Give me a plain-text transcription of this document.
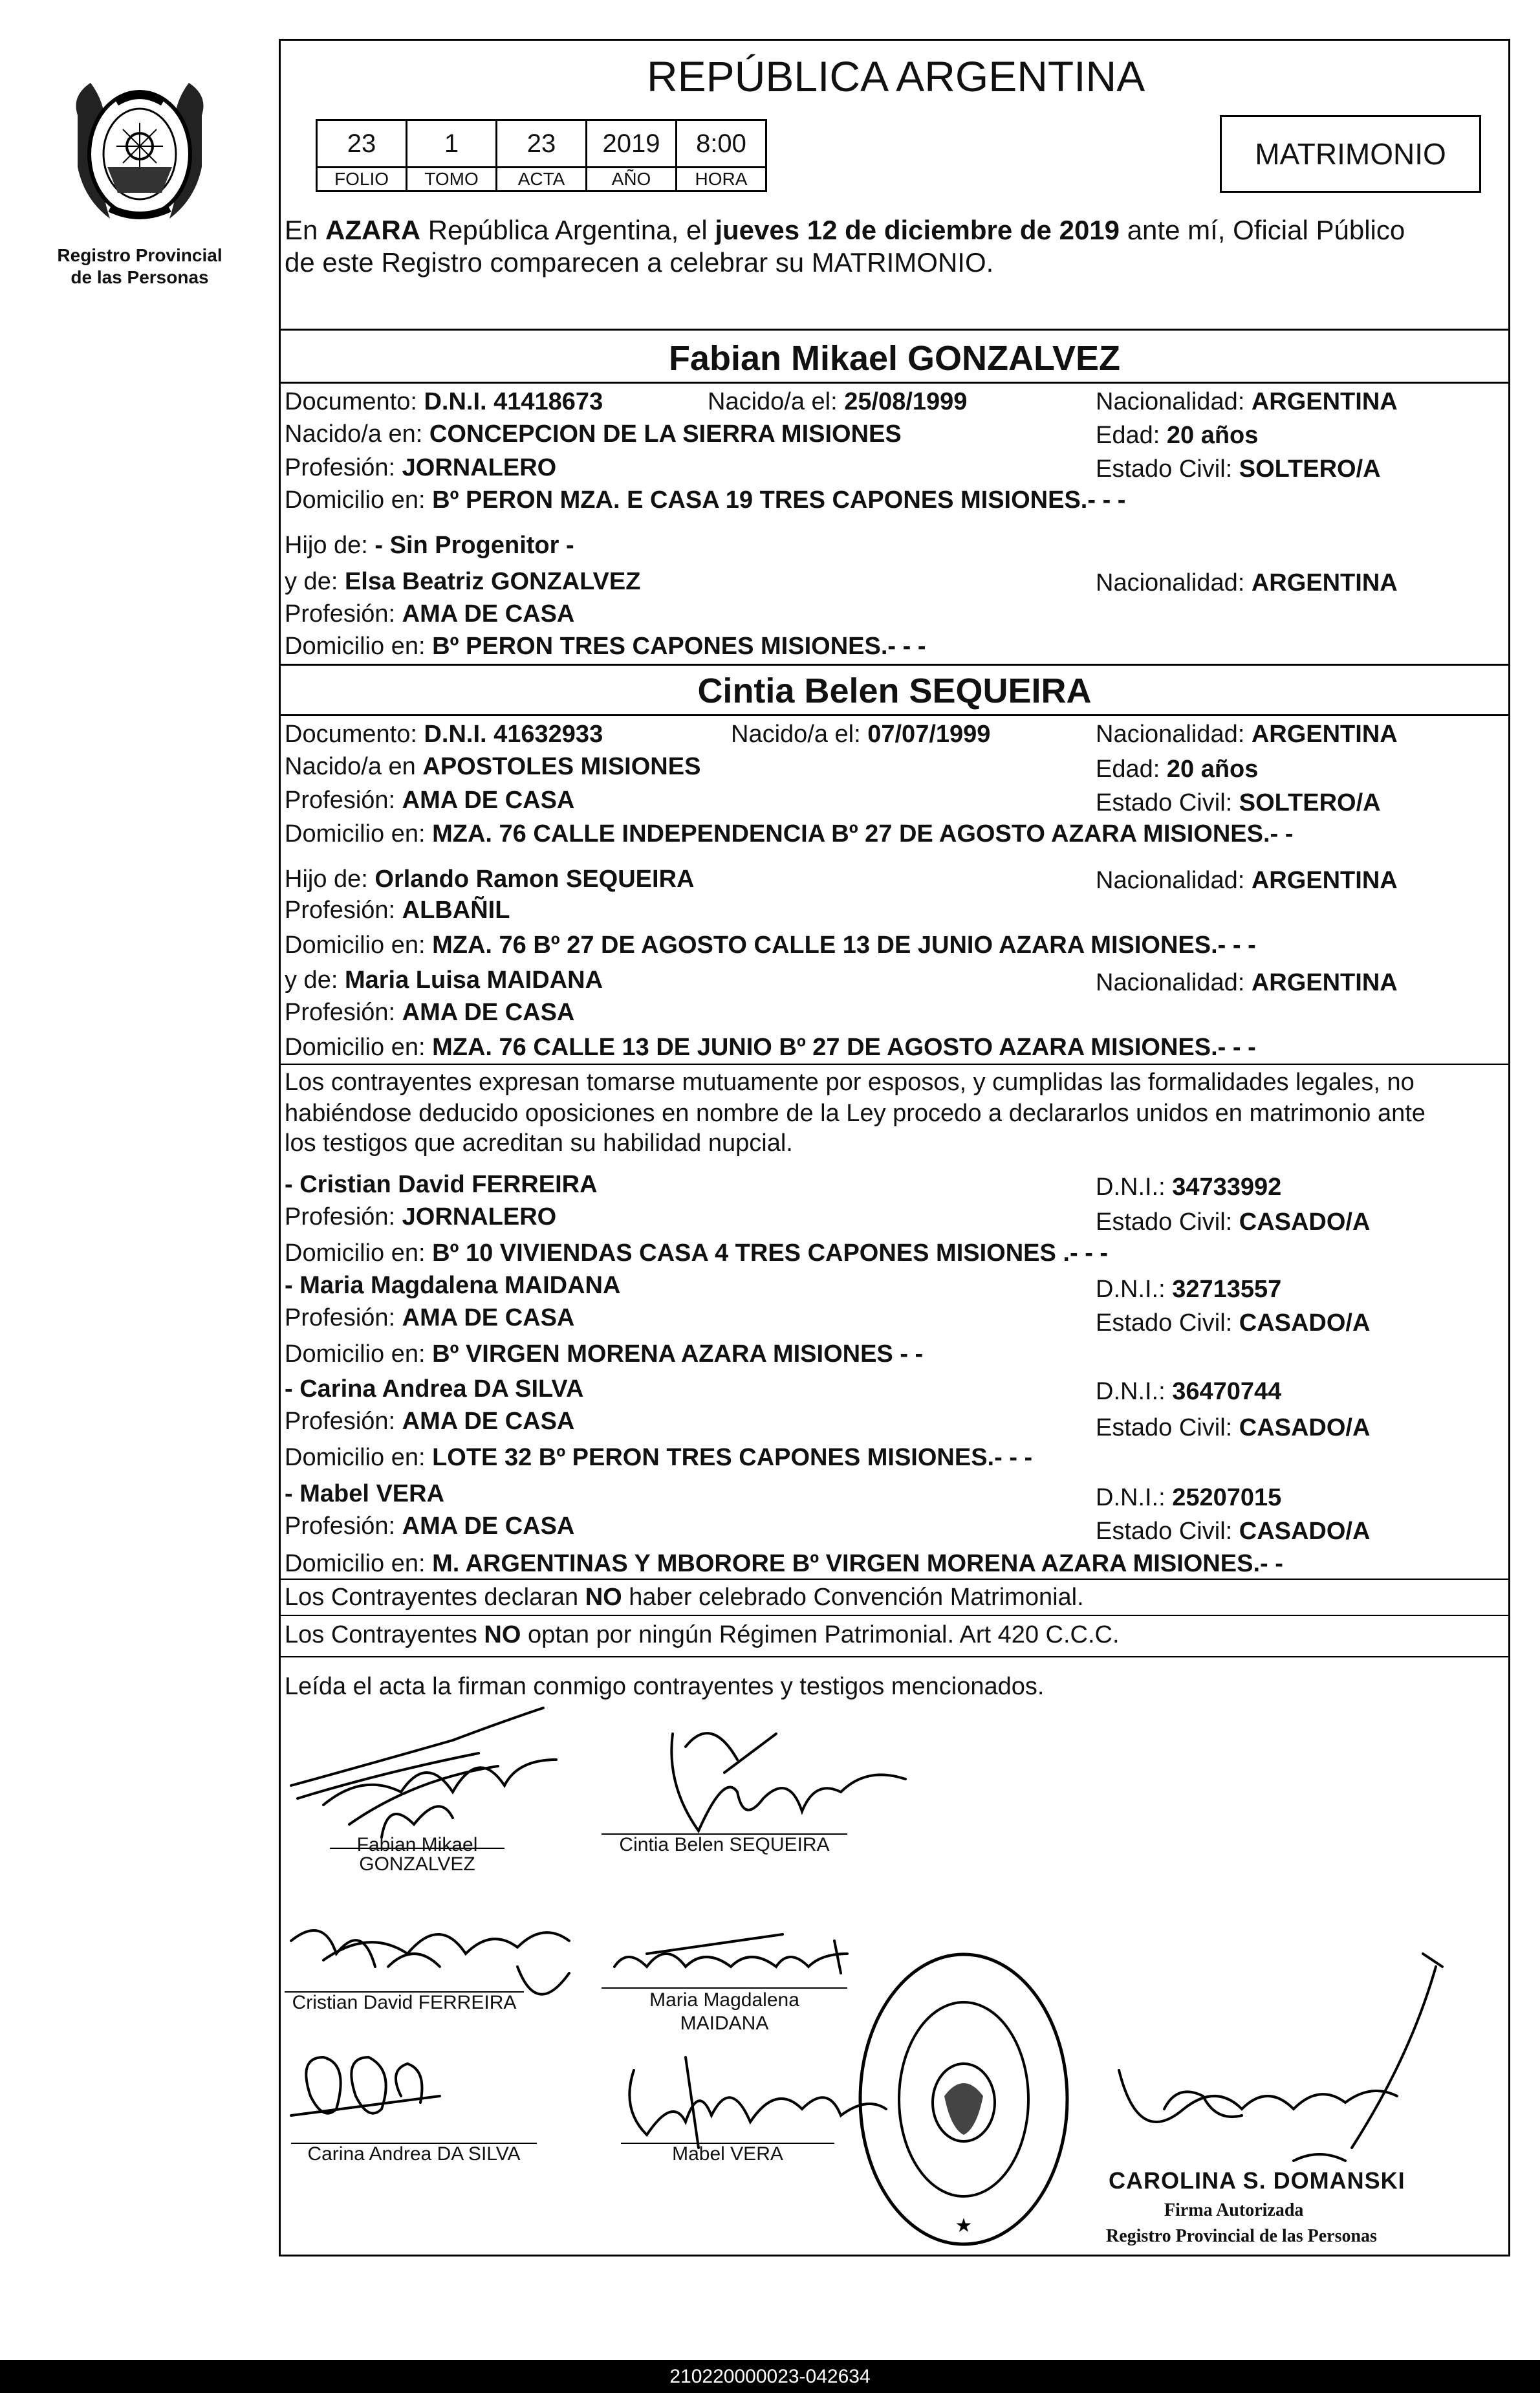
Registro Provincial
de las Personas
REPÚBLICA ARGENTINA
23	1	23	2019	8:00
FOLIO	TOMO	ACTA	AÑO	HORA
MATRIMONIO
En AZARA República Argentina, el jueves 12 de diciembre de 2019 ante mí, Oficial Público
de este Registro comparecen a celebrar su MATRIMONIO.
Fabian Mikael GONZALVEZ
Documento: D.N.I. 41418673	Nacido/a el: 25/08/1999	Nacionalidad: ARGENTINA
Nacido/a en: CONCEPCION DE LA SIERRA MISIONES	Edad: 20 años
Profesión: JORNALERO	Estado Civil: SOLTERO/A
Domicilio en: Bº PERON MZA. E CASA 19 TRES CAPONES MISIONES.- - -
Hijo de: - Sin Progenitor -
y de: Elsa Beatriz GONZALVEZ	Nacionalidad: ARGENTINA
Profesión: AMA DE CASA
Domicilio en: Bº PERON TRES CAPONES MISIONES.- - -
Cintia Belen SEQUEIRA
Documento: D.N.I. 41632933	Nacido/a el: 07/07/1999	Nacionalidad: ARGENTINA
Nacido/a en APOSTOLES MISIONES	Edad: 20 años
Profesión: AMA DE CASA	Estado Civil: SOLTERO/A
Domicilio en: MZA. 76 CALLE INDEPENDENCIA Bº 27 DE AGOSTO AZARA MISIONES.- -
Hijo de: Orlando Ramon SEQUEIRA	Nacionalidad: ARGENTINA
Profesión: ALBAÑIL
Domicilio en: MZA. 76 Bº 27 DE AGOSTO CALLE 13 DE JUNIO AZARA MISIONES.- - -
y de: Maria Luisa MAIDANA	Nacionalidad: ARGENTINA
Profesión: AMA DE CASA
Domicilio en: MZA. 76 CALLE 13 DE JUNIO Bº 27 DE AGOSTO AZARA MISIONES.- - -
Los contrayentes expresan tomarse mutuamente por esposos, y cumplidas las formalidades legales, no
habiéndose deducido oposiciones en nombre de la Ley procedo a declararlos unidos en matrimonio ante
los testigos que acreditan su habilidad nupcial.
- Cristian David FERREIRA	D.N.I.: 34733992
Profesión: JORNALERO	Estado Civil: CASADO/A
Domicilio en: Bº 10 VIVIENDAS CASA 4 TRES CAPONES MISIONES .- - -
- Maria Magdalena MAIDANA	D.N.I.: 32713557
Profesión: AMA DE CASA	Estado Civil: CASADO/A
Domicilio en: Bº VIRGEN MORENA AZARA MISIONES - -
- Carina Andrea DA SILVA	D.N.I.: 36470744
Profesión: AMA DE CASA	Estado Civil: CASADO/A
Domicilio en: LOTE 32 Bº PERON TRES CAPONES MISIONES.- - -
- Mabel VERA	D.N.I.: 25207015
Profesión: AMA DE CASA	Estado Civil: CASADO/A
Domicilio en: M. ARGENTINAS Y MBORORE Bº VIRGEN MORENA AZARA MISIONES.- -
Los Contrayentes declaran NO haber celebrado Convención Matrimonial.
Los Contrayentes NO optan por ningún Régimen Patrimonial. Art 420 C.C.C.
Leída el acta la firman conmigo contrayentes y testigos mencionados.
Fabian Mikael
GONZALVEZ
Cintia Belen SEQUEIRA
Cristian David FERREIRA	Maria Magdalena
MAIDANA
Carina Andrea DA SILVA	Mabel VERA
★
CAROLINA S. DOMANSKI
Firma Autorizada
Registro Provincial de las Personas
210220000023-042634
